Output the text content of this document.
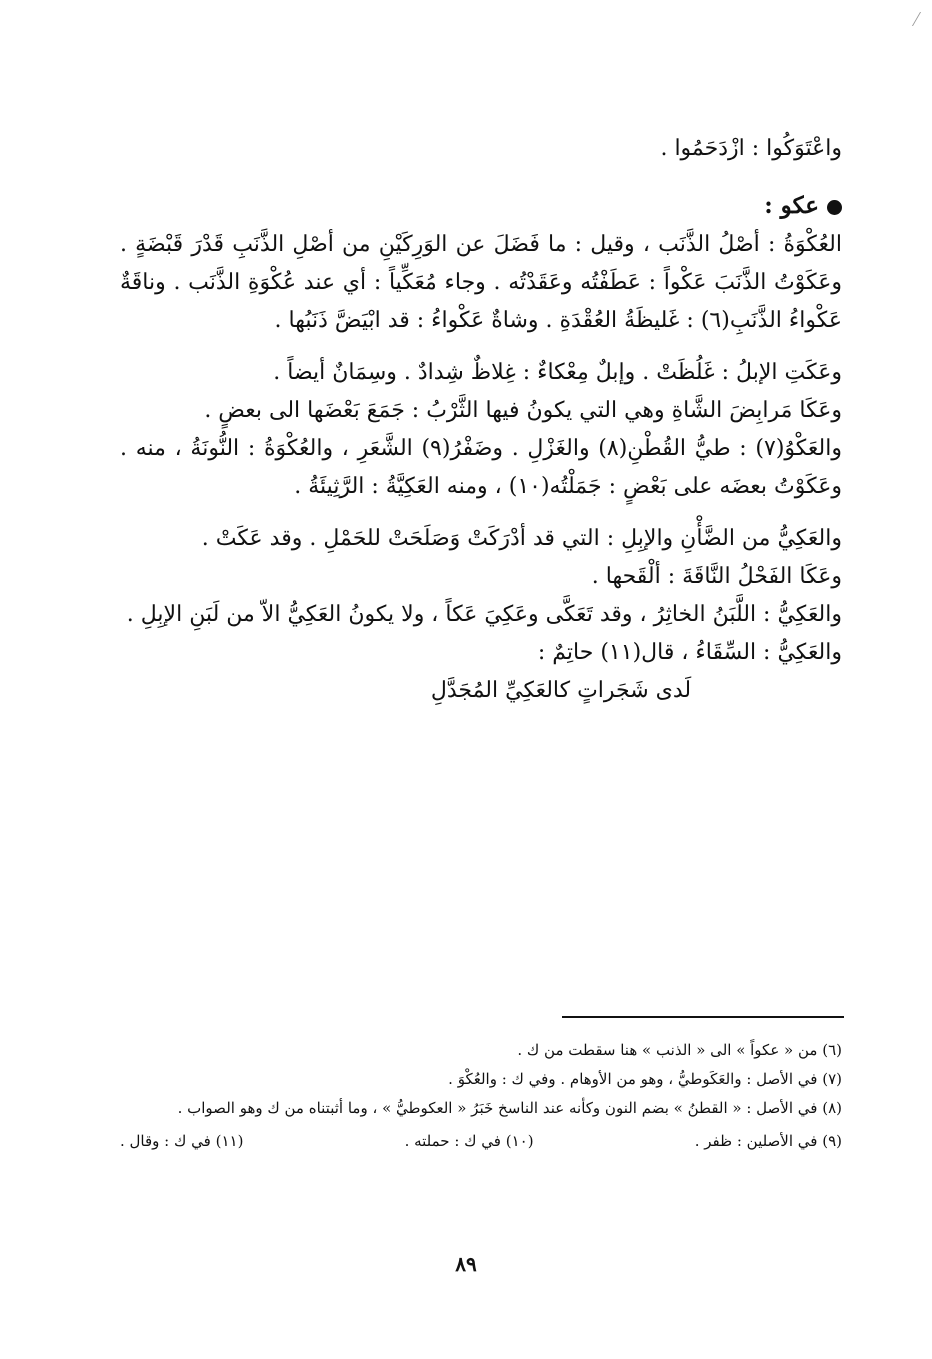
واعْتَوَكُوا : ازْدَحَمُوا .

عكو :

العُكْوَةُ : أصْلُ الذَّنَب ، وقيل : ما فَضَلَ عن الوَرِكَيْنِ من أصْلِ الذَّنَبِ قَدْرَ قَبْضَةٍ . وعَكَوْتُ الذَّنَبَ عَكْواً : عَطَفْتُه وعَقَدْتُه . وجاء مُعَكِّياً : أي عند عُكْوَةِ الذَّنَب . وناقَةٌ عَكْواءُ الذَّنَبِ(٦) : غَليظَةُ العُقْدَةِ . وشاةٌ عَكْواءُ : قد ابْيَضَّ ذَنَبُها .

وعَكَتِ الإبلُ : غَلُظَتْ . وإبلٌ مِعْكاءٌ : غِلاظٌ شِدادٌ . وسِمَانٌ أيضاً .

وعَكَا مَرابِضَ الشَّاةِ وهي التي يكونُ فيها الثَّرْبُ : جَمَعَ بَعْضَها الى بعضٍ .

والعَكْوُ(٧) : طيُّ القُطْنِ(٨) والغَزْلِ . وضَفْرُ(٩) الشَّعَرِ ، والعُكْوَةُ : النُّونَةُ ، منه . وعَكَوْتُ بعضَه على بَعْضٍ : جَمَلْتُه(١٠) ، ومنه العَكِيَّةُ : الرَّثِيئَةُ .

والعَكِيُّ من الضَّأْنِ والإبِلِ : التي قد أدْرَكَتْ وَصَلَحَتْ للحَمْلِ . وقد عَكَتْ .

وعَكَا الفَحْلُ النَّاقَةَ : ألْقَحها .

والعَكِيُّ : اللَّبَنُ الخاثِرُ ، وقد تَعَكَّى وعَكِيَ عَكاً ، ولا يكونُ العَكِيُّ الاّ من لَبَنِ الإبِلِ .

والعَكِيُّ : السِّقَاءُ ، قال(١١) حاتِمٌ :

لَدى شَجَراتٍ كالعَكِيِّ المُجَدَّلِ

(٦) من « عكواً » الى « الذنب » هنا سقطت من ك .

(٧) في الأصل : والعَكَوطيُّ ، وهو من الأوهام . وفي ك : والعُكْوَ .

(٨) في الأصل : « القطنُ » بضم النون وكأنه عند الناسخ خَبَرُ « العكوطيُّ » ، وما أثبتناه من ك وهو الصواب .

(٩) في الأصلين : ظفر .
(١٠) في ك : حملته .
(١١) في ك : وقال .
٨٩
